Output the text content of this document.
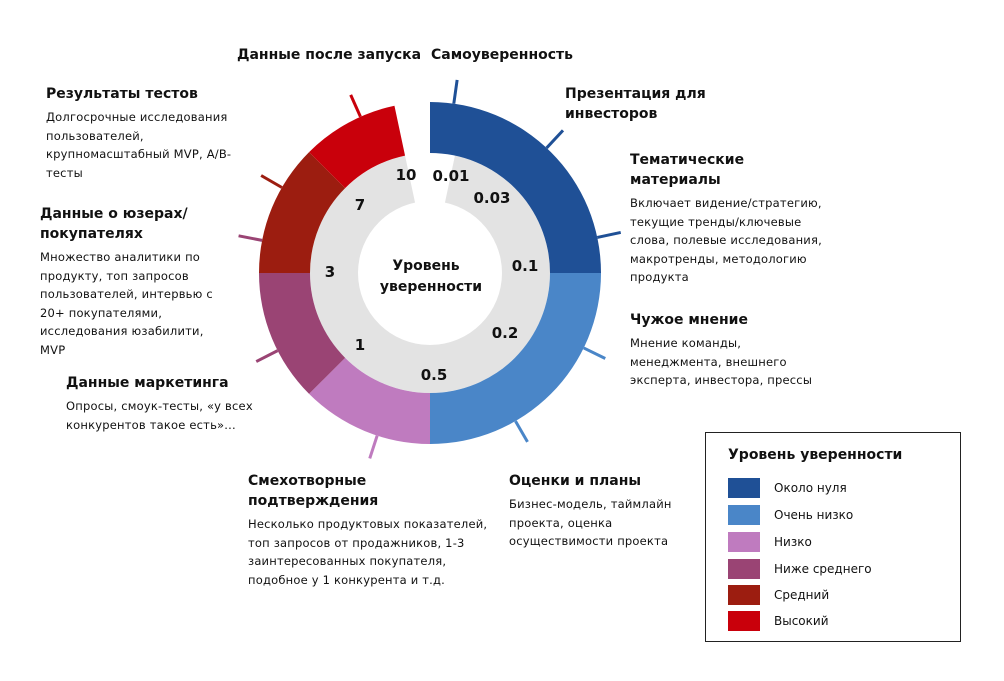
0.01
0.03
0.1
0.2
0.5
1
3
7
10
Уровень
уверенности
Данные после запуска Самоуверенность
Презентация для инвесторов
Тематические материалы
Включает видение/стратегию, текущие тренды/ключевые слова, полевые исследования, макротренды, методологию продукта
Чужое мнение
Мнение команды, менеджмента, внешнего эксперта, инвестора, прессы
Оценки и планы
Бизнес-модель, таймлайн проекта, оценка осуществимости проекта
Смехотворные подтверждения
Несколько продуктовых показателей, топ запросов от продажников, 1-3 заинтересованных покупателя, подобное у 1 конкурента и т.д.
Данные маркетинга
Опросы, смоук-тесты, «у всех конкурентов такое есть»...
Данные о юзерах/покупателях
Множество аналитики по продукту, топ запросов пользователей, интервью с 20+ покупателями, исследования юзабилити, MVP
Результаты тестов
Долгосрочные исследования пользователей, крупномасштабный MVP, A/B-тесты
Уровень уверенности
Около нуля
Очень низко
Низко
Ниже среднего
Средний
Высокий
